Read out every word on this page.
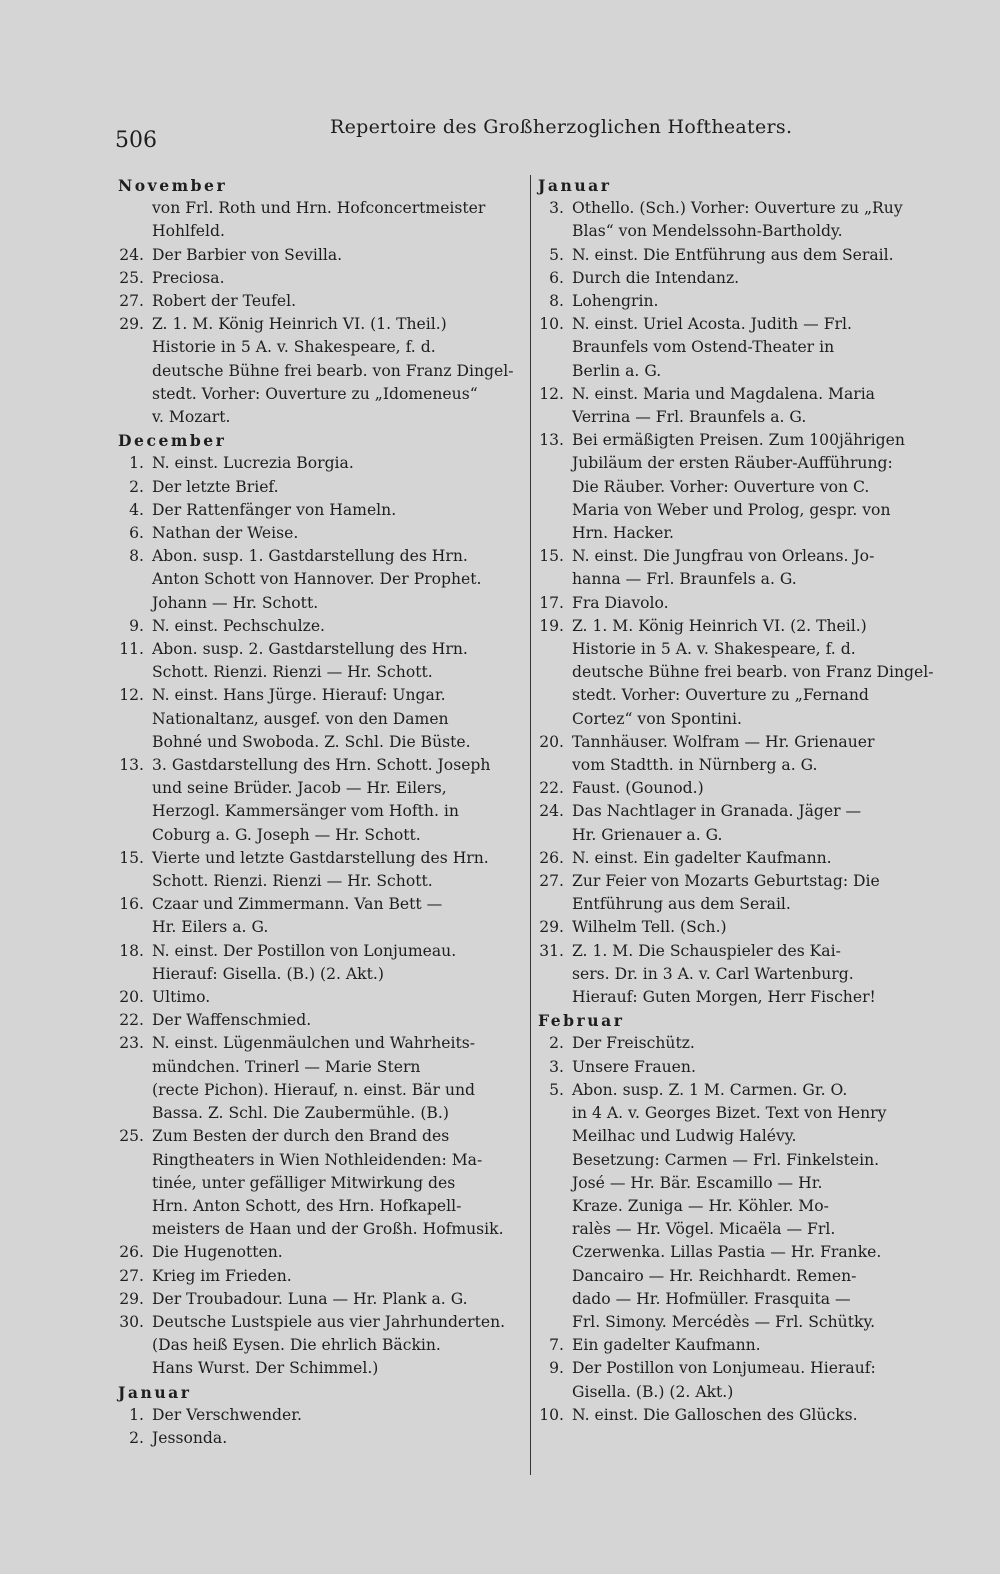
506
Repertoire des Großherzoglichen Hoftheaters.
November
von Frl. Roth und Hrn. Hofconcertmeister
Hohlfeld.
24. Der Barbier von Sevilla.
25. Preciosa.
27. Robert der Teufel.
29. Z. 1. M. König Heinrich VI. (1. Theil.)
Historie in 5 A. v. Shakespeare, f. d.
deutsche Bühne frei bearb. von Franz Dingel-
stedt. Vorher: Ouverture zu „Idomeneus“
v. Mozart.
December
1. N. einst. Lucrezia Borgia.
2. Der letzte Brief.
4. Der Rattenfänger von Hameln.
6. Nathan der Weise.
8. Abon. susp. 1. Gastdarstellung des Hrn.
Anton Schott von Hannover. Der Prophet.
Johann — Hr. Schott.
9. N. einst. Pechschulze.
11. Abon. susp. 2. Gastdarstellung des Hrn.
Schott. Rienzi. Rienzi — Hr. Schott.
12. N. einst. Hans Jürge. Hierauf: Ungar.
Nationaltanz, ausgef. von den Damen
Bohné und Swoboda. Z. Schl. Die Büste.
13. 3. Gastdarstellung des Hrn. Schott. Joseph
und seine Brüder. Jacob — Hr. Eilers,
Herzogl. Kammersänger vom Hofth. in
Coburg a. G. Joseph — Hr. Schott.
15. Vierte und letzte Gastdarstellung des Hrn.
Schott. Rienzi. Rienzi — Hr. Schott.
16. Czaar und Zimmermann. Van Bett —
Hr. Eilers a. G.
18. N. einst. Der Postillon von Lonjumeau.
Hierauf: Gisella. (B.) (2. Akt.)
20. Ultimo.
22. Der Waffenschmied.
23. N. einst. Lügenmäulchen und Wahrheits-
mündchen. Trinerl — Marie Stern
(recte Pichon). Hierauf, n. einst. Bär und
Bassa. Z. Schl. Die Zaubermühle. (B.)
25. Zum Besten der durch den Brand des
Ringtheaters in Wien Nothleidenden: Ma-
tinée, unter gefälliger Mitwirkung des
Hrn. Anton Schott, des Hrn. Hofkapell-
meisters de Haan und der Großh. Hofmusik.
26. Die Hugenotten.
27. Krieg im Frieden.
29. Der Troubadour. Luna — Hr. Plank a. G.
30. Deutsche Lustspiele aus vier Jahrhunderten.
(Das heiß Eysen. Die ehrlich Bäckin.
Hans Wurst. Der Schimmel.)
Januar
1. Der Verschwender.
2. Jessonda.
Januar
3. Othello. (Sch.) Vorher: Ouverture zu „Ruy
Blas“ von Mendelssohn-Bartholdy.
5. N. einst. Die Entführung aus dem Serail.
6. Durch die Intendanz.
8. Lohengrin.
10. N. einst. Uriel Acosta. Judith — Frl.
Braunfels vom Ostend-Theater in
Berlin a. G.
12. N. einst. Maria und Magdalena. Maria
Verrina — Frl. Braunfels a. G.
13. Bei ermäßigten Preisen. Zum 100jährigen
Jubiläum der ersten Räuber-Aufführung:
Die Räuber. Vorher: Ouverture von C.
Maria von Weber und Prolog, gespr. von
Hrn. Hacker.
15. N. einst. Die Jungfrau von Orleans. Jo-
hanna — Frl. Braunfels a. G.
17. Fra Diavolo.
19. Z. 1. M. König Heinrich VI. (2. Theil.)
Historie in 5 A. v. Shakespeare, f. d.
deutsche Bühne frei bearb. von Franz Dingel-
stedt. Vorher: Ouverture zu „Fernand
Cortez“ von Spontini.
20. Tannhäuser. Wolfram — Hr. Grienauer
vom Stadtth. in Nürnberg a. G.
22. Faust. (Gounod.)
24. Das Nachtlager in Granada. Jäger —
Hr. Grienauer a. G.
26. N. einst. Ein gadelter Kaufmann.
27. Zur Feier von Mozarts Geburtstag: Die
Entführung aus dem Serail.
29. Wilhelm Tell. (Sch.)
31. Z. 1. M. Die Schauspieler des Kai-
sers. Dr. in 3 A. v. Carl Wartenburg.
Hierauf: Guten Morgen, Herr Fischer!
Februar
2. Der Freischütz.
3. Unsere Frauen.
5. Abon. susp. Z. 1 M. Carmen. Gr. O.
in 4 A. v. Georges Bizet. Text von Henry
Meilhac und Ludwig Halévy.
Besetzung: Carmen — Frl. Finkelstein.
José — Hr. Bär. Escamillo — Hr.
Kraze. Zuniga — Hr. Köhler. Mo-
ralès — Hr. Vögel. Micaëla — Frl.
Czerwenka. Lillas Pastia — Hr. Franke.
Dancairo — Hr. Reichhardt. Remen-
dado — Hr. Hofmüller. Frasquita —
Frl. Simony. Mercédès — Frl. Schütky.
7. Ein gadelter Kaufmann.
9. Der Postillon von Lonjumeau. Hierauf:
Gisella. (B.) (2. Akt.)
10. N. einst. Die Galloschen des Glücks.
